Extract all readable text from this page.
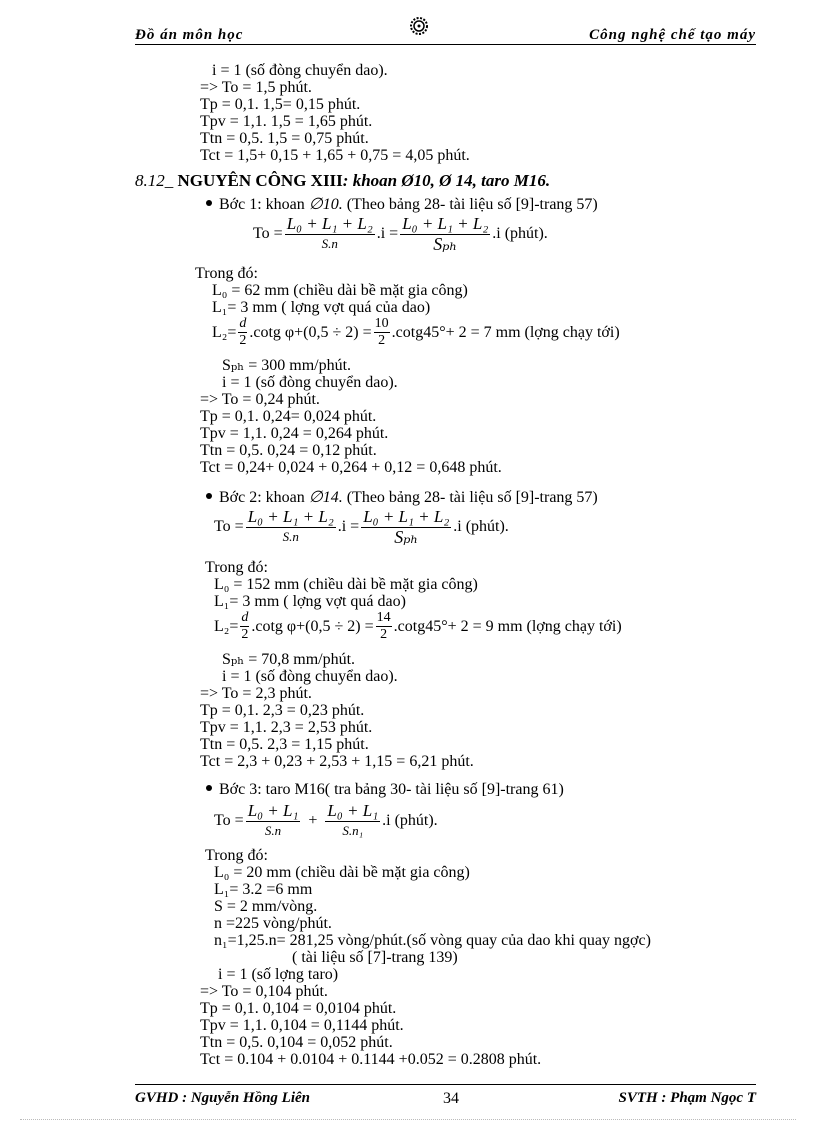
Đồ án môn học	Công nghệ chế tạo máy
i = 1 (số đòng chuyển dao).
=> To = 1,5 phút.
Tp = 0,1. 1,5= 0,15 phút.
Tpv = 1,1. 1,5 = 1,65 phút.
Ttn = 0,5. 1,5 = 0,75 phút.
Tct = 1,5+ 0,15 + 1,65 + 0,75 = 4,05 phút.
8.12_ NGUYÊN CÔNG XIII: khoan Ø10, Ø 14, taro M16.
Bớc 1: khoan ∅10. (Theo bảng 28- tài liệu số [9]-trang 57)
$To = \frac{\text{L₀ + L₁ + L₂}}{S.n} .i = \frac{\text{L₀ + L₁ + L₂}}{\text{Sₚₕ}} .i$ (phút).
Trong đó:
L₀ = 62 mm (chiều dài bề mặt gia công)
L₁= 3 mm ( lợng vợt quá của dao)
$L_2= \frac{d}{2} .\cot g$ $\varphi+(0,5 \div 2) = \frac{10}{2} .\cot g45^\circ+ 2 = 7$ mm (lợng chạy tới)
Sₚₕ = 300 mm/phút.
i = 1 (số đòng chuyển dao).
=> To = 0,24 phút.
Tp = 0,1. 0,24= 0,024 phút.
Tpv = 1,1. 0,24 = 0,264 phút.
Ttn = 0,5. 0,24 = 0,12 phút.
Tct = 0,24+ 0,024 + 0,264 + 0,12 = 0,648 phút.
Bớc 2: khoan ∅14. (Theo bảng 28- tài liệu số [9]-trang 57)
$To = \frac{\text{L₀ + L₁ + L₂}}{S.n} .i = \frac{\text{L₀ + L₁ + L₂}}{\text{Sₚₕ}} .i$ (phút).
Trong đó:
L₀ = 152 mm (chiều dài bề mặt gia công)
L₁= 3 mm ( lợng vợt quá dao)
$L_2= \frac{d}{2} .\cot g$ $\varphi+(0,5 \div 2) = \frac{14}{2} .\cot g45^\circ+ 2 = 9$ mm (lợng chạy tới)
Sₚₕ = 70,8 mm/phút.
i = 1 (số đòng chuyển dao).
=> To = 2,3 phút.
Tp = 0,1. 2,3 = 0,23 phút.
Tpv = 1,1. 2,3 = 2,53 phút.
Ttn = 0,5. 2,3 = 1,15 phút.
Tct = 2,3 + 0,23 + 2,53 + 1,15 = 6,21 phút.
Bớc 3: taro M16( tra bảng 30- tài liệu số [9]-trang 61)
$To = \frac{\text{L₀ + L₁}}{S.n} + \frac{\text{L₀ + L₁}}{\text{S.n₁}} .i$ (phút).
Trong đó:
L₀ = 20 mm (chiều dài bề mặt gia công)
L₁= 3.2 =6 mm
S = 2 mm/vòng.
n =225 vòng/phút.
n₁=1,25.n= 281,25 vòng/phút.(số vòng quay của dao khi quay ngợc)
( tài liệu số [7]-trang 139)
i = 1 (số lợng taro)
=> To = 0,104 phút.
Tp = 0,1. 0,104 = 0,0104 phút.
Tpv = 1,1. 0,104 = 0,1144 phút.
Ttn = 0,5. 0,104 = 0,052 phút.
Tct = 0.104 + 0.0104 + 0.1144 +0.052 = 0.2808 phút.
GVHD : Nguyễn Hồng Liên	34	SVTH : Phạm Ngọc T
